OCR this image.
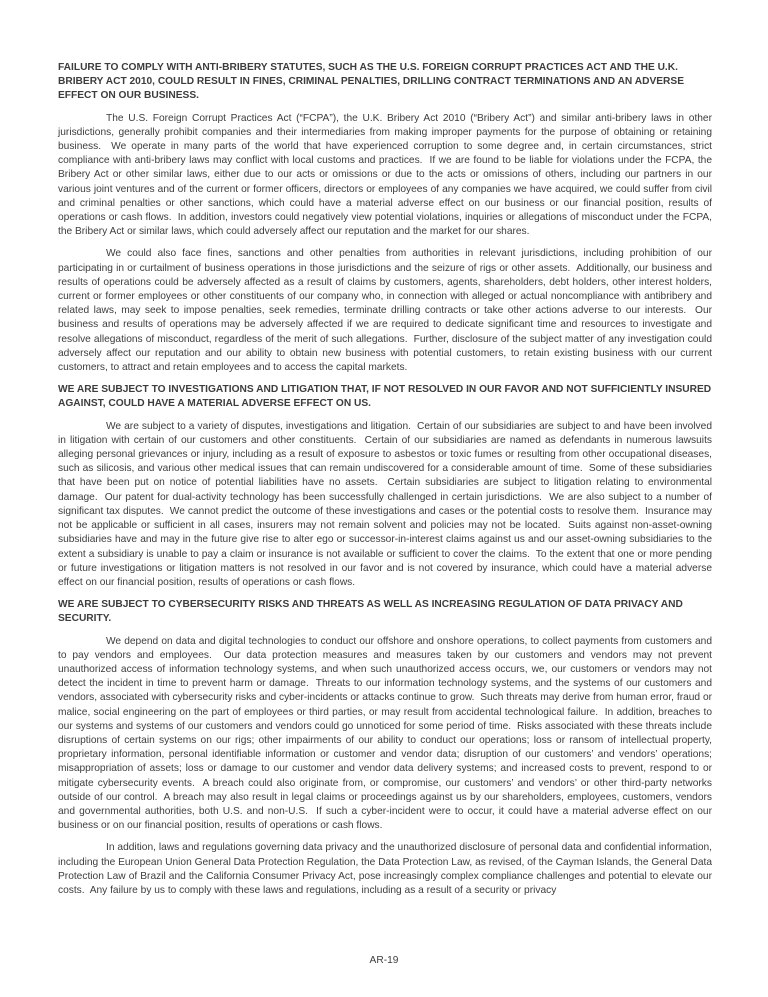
FAILURE TO COMPLY WITH ANTI-BRIBERY STATUTES, SUCH AS THE U.S. FOREIGN CORRUPT PRACTICES ACT AND THE U.K. BRIBERY ACT 2010, COULD RESULT IN FINES, CRIMINAL PENALTIES, DRILLING CONTRACT TERMINATIONS AND AN ADVERSE EFFECT ON OUR BUSINESS.
The U.S. Foreign Corrupt Practices Act (“FCPA”), the U.K. Bribery Act 2010 (“Bribery Act”) and similar anti-bribery laws in other jurisdictions, generally prohibit companies and their intermediaries from making improper payments for the purpose of obtaining or retaining business.  We operate in many parts of the world that have experienced corruption to some degree and, in certain circumstances, strict compliance with anti-bribery laws may conflict with local customs and practices.  If we are found to be liable for violations under the FCPA, the Bribery Act or other similar laws, either due to our acts or omissions or due to the acts or omissions of others, including our partners in our various joint ventures and of the current or former officers, directors or employees of any companies we have acquired, we could suffer from civil and criminal penalties or other sanctions, which could have a material adverse effect on our business or our financial position, results of operations or cash flows.  In addition, investors could negatively view potential violations, inquiries or allegations of misconduct under the FCPA, the Bribery Act or similar laws, which could adversely affect our reputation and the market for our shares.
We could also face fines, sanctions and other penalties from authorities in relevant jurisdictions, including prohibition of our participating in or curtailment of business operations in those jurisdictions and the seizure of rigs or other assets.  Additionally, our business and results of operations could be adversely affected as a result of claims by customers, agents, shareholders, debt holders, other interest holders, current or former employees or other constituents of our company who, in connection with alleged or actual noncompliance with antibribery and related laws, may seek to impose penalties, seek remedies, terminate drilling contracts or take other actions adverse to our interests.  Our business and results of operations may be adversely affected if we are required to dedicate significant time and resources to investigate and resolve allegations of misconduct, regardless of the merit of such allegations.  Further, disclosure of the subject matter of any investigation could adversely affect our reputation and our ability to obtain new business with potential customers, to retain existing business with our current customers, to attract and retain employees and to access the capital markets.
WE ARE SUBJECT TO INVESTIGATIONS AND LITIGATION THAT, IF NOT RESOLVED IN OUR FAVOR AND NOT SUFFICIENTLY INSURED AGAINST, COULD HAVE A MATERIAL ADVERSE EFFECT ON US.
We are subject to a variety of disputes, investigations and litigation.  Certain of our subsidiaries are subject to and have been involved in litigation with certain of our customers and other constituents.  Certain of our subsidiaries are named as defendants in numerous lawsuits alleging personal grievances or injury, including as a result of exposure to asbestos or toxic fumes or resulting from other occupational diseases, such as silicosis, and various other medical issues that can remain undiscovered for a considerable amount of time.  Some of these subsidiaries that have been put on notice of potential liabilities have no assets.  Certain subsidiaries are subject to litigation relating to environmental damage.  Our patent for dual-activity technology has been successfully challenged in certain jurisdictions.  We are also subject to a number of significant tax disputes.  We cannot predict the outcome of these investigations and cases or the potential costs to resolve them.  Insurance may not be applicable or sufficient in all cases, insurers may not remain solvent and policies may not be located.  Suits against non-asset-owning subsidiaries have and may in the future give rise to alter ego or successor-in-interest claims against us and our asset-owning subsidiaries to the extent a subsidiary is unable to pay a claim or insurance is not available or sufficient to cover the claims.  To the extent that one or more pending or future investigations or litigation matters is not resolved in our favor and is not covered by insurance, which could have a material adverse effect on our financial position, results of operations or cash flows.
WE ARE SUBJECT TO CYBERSECURITY RISKS AND THREATS AS WELL AS INCREASING REGULATION OF DATA PRIVACY AND SECURITY.
We depend on data and digital technologies to conduct our offshore and onshore operations, to collect payments from customers and to pay vendors and employees.  Our data protection measures and measures taken by our customers and vendors may not prevent unauthorized access of information technology systems, and when such unauthorized access occurs, we, our customers or vendors may not detect the incident in time to prevent harm or damage.  Threats to our information technology systems, and the systems of our customers and vendors, associated with cybersecurity risks and cyber-incidents or attacks continue to grow.  Such threats may derive from human error, fraud or malice, social engineering on the part of employees or third parties, or may result from accidental technological failure.  In addition, breaches to our systems and systems of our customers and vendors could go unnoticed for some period of time.  Risks associated with these threats include disruptions of certain systems on our rigs; other impairments of our ability to conduct our operations; loss or ransom of intellectual property, proprietary information, personal identifiable information or customer and vendor data; disruption of our customers’ and vendors’ operations; misappropriation of assets; loss or damage to our customer and vendor data delivery systems; and increased costs to prevent, respond to or mitigate cybersecurity events.  A breach could also originate from, or compromise, our customers’ and vendors’ or other third-party networks outside of our control.  A breach may also result in legal claims or proceedings against us by our shareholders, employees, customers, vendors and governmental authorities, both U.S. and non-U.S.  If such a cyber-incident were to occur, it could have a material adverse effect on our business or on our financial position, results of operations or cash flows.
In addition, laws and regulations governing data privacy and the unauthorized disclosure of personal data and confidential information, including the European Union General Data Protection Regulation, the Data Protection Law, as revised, of the Cayman Islands, the General Data Protection Law of Brazil and the California Consumer Privacy Act, pose increasingly complex compliance challenges and potential to elevate our costs.  Any failure by us to comply with these laws and regulations, including as a result of a security or privacy
AR-19
